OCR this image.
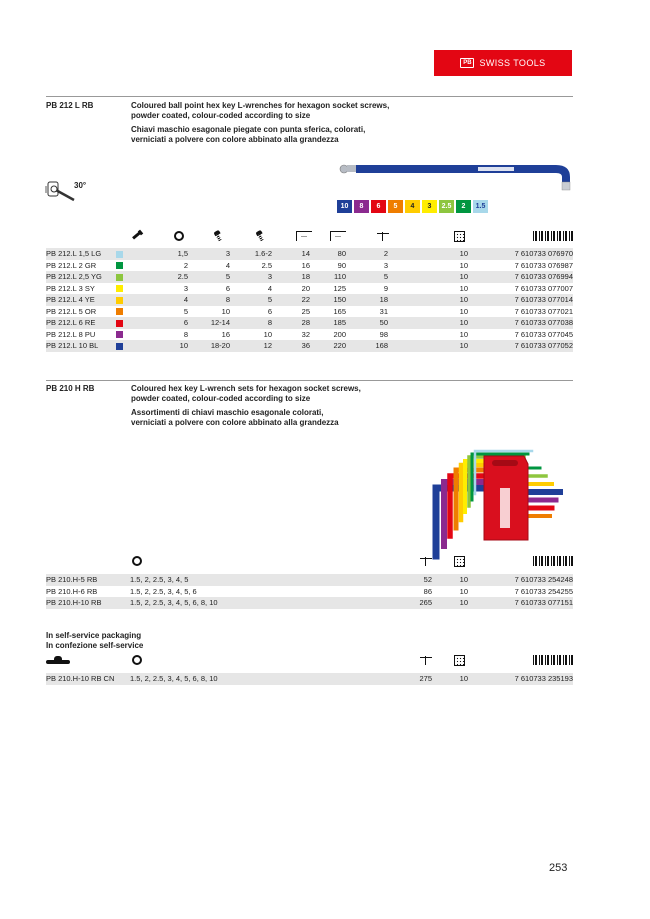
PB SWISS TOOLS
PB 212 L RB	Coloured ball point hex key L-wrenches for hexagon socket screws,

powder coated, colour-coded according to size

Chiavi maschio esagonale piegate con punta sferica, colorati,

verniciati a polvere con colore abbinato alla grandezza

10 8 6 5 4 3 2.5 2 1.5
30°
—
—
PB 212.L 1,5 LG		1,5	3	1.6-2	14	80	2	10	7 610733 076970
PB 212.L 2 GR		2	4	2.5	16	90	3	10	7 610733 076987
PB 212.L 2,5 YG		2.5	5	3	18	110	5	10	7 610733 076994
PB 212.L 3 SY		3	6	4	20	125	9	10	7 610733 077007
PB 212.L 4 YE		4	8	5	22	150	18	10	7 610733 077014
PB 212.L 5 OR		5	10	6	25	165	31	10	7 610733 077021
PB 212.L 6 RE		6	12-14	8	28	185	50	10	7 610733 077038
PB 212.L 8 PU		8	16	10	32	200	98	10	7 610733 077045
PB 212.L 10 BL		10	18-20	12	36	220	168	10	7 610733 077052
PB 210 H RB	Coloured hex key L-wrench sets for hexagon socket screws,

powder coated, colour-coded according to size

Assortimenti di chiavi maschio esagonale colorati,

verniciati a polvere con colore abbinato alla grandezza

PB 210.H-5 RB	1.5, 2, 2.5, 3, 4, 5	52	10	7 610733 254248
PB 210.H-6 RB	1.5, 2, 2.5, 3, 4, 5, 6	86	10	7 610733 254255
PB 210.H-10 RB	1.5, 2, 2.5, 3, 4, 5, 6, 8, 10	265	10	7 610733 077151
In self-service packaging
In confezione self-service
PB 210.H-10 RB CN	1.5, 2, 2.5, 3, 4, 5, 6, 8, 10	275	10	7 610733 235193
253
